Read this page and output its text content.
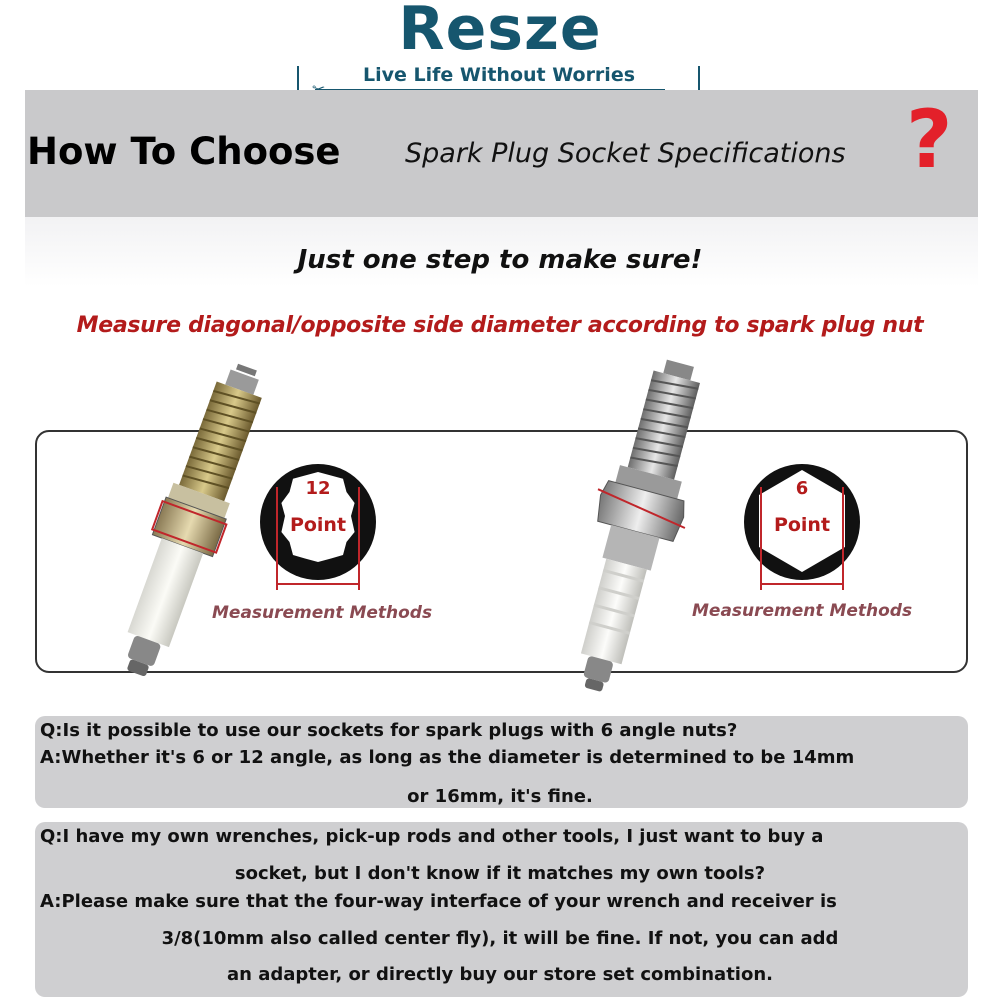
Resze
Live Life Without Worries
How To Choose Spark Plug Socket Specifications ?
Just one step to make sure!
Measure diagonal/opposite side diameter according to spark plug nut
12
Point
Measurement Methods
6
Point
Measurement Methods
Q:Is it possible to use our sockets for spark plugs with 6 angle nuts?
A:Whether it's 6 or 12 angle, as long as the diameter is determined to be 14mm
or 16mm, it's fine.
Q:I have my own wrenches, pick-up rods and other tools, I just want to buy a
socket, but I don't know if it matches my own tools?
A:Please make sure that the four-way interface of your wrench and receiver is
3/8(10mm also called center fly), it will be fine. If not, you can add
an adapter, or directly buy our store set combination.
